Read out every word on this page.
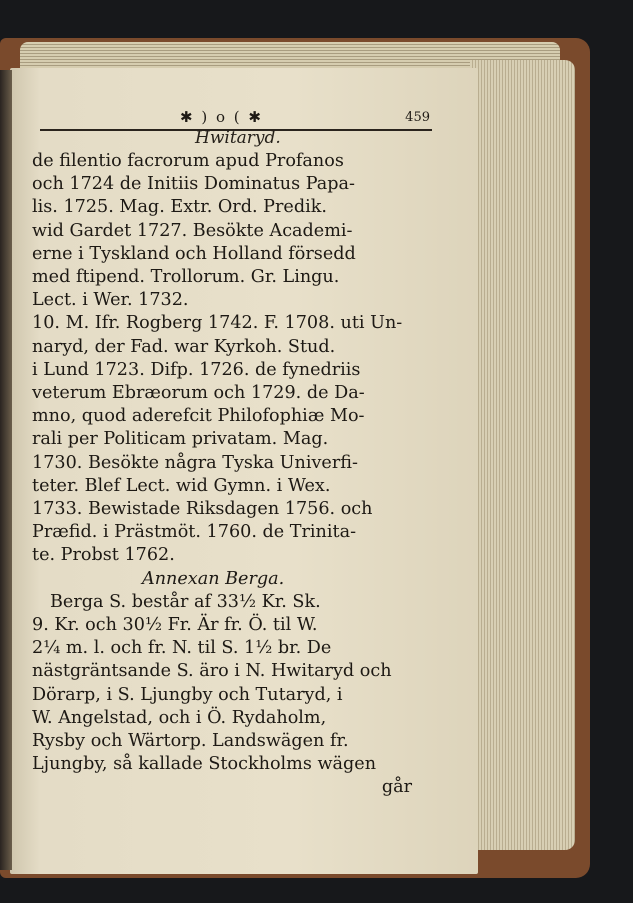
✱ ) o ( ✱	459
Hwitaryd.
de filentio facrorum apud Profanos
och 1724 de Initiis Dominatus Papa-
lis. 1725. Mag. Extr. Ord. Predik.
wid Gardet 1727. Besökte Academi-
erne i Tyskland och Holland försedd
med ftipend. Trollorum. Gr. Lingu.
Lect. i Wer. 1732.
10. M. Ifr. Rogberg 1742. F. 1708. uti Un-
naryd, der Fad. war Kyrkoh. Stud.
i Lund 1723. Difp. 1726. de fynedriis
veterum Ebræorum och 1729. de Da-
mno, quod aderefcit Philofophiæ Mo-
rali per Politicam privatam. Mag.
1730. Besökte några Tyska Univerfi-
teter. Blef Lect. wid Gymn. i Wex.
1733. Bewistade Riksdagen 1756. och
Præfid. i Prästmöt. 1760. de Trinita-
te. Probst 1762.
Annexan Berga.
Berga S. består af 33½ Kr. Sk.
9. Kr. och 30½ Fr. Är fr. Ö. til W.
2¼ m. l. och fr. N. til S. 1½ br. De
nästgräntsande S. äro i N. Hwitaryd och
Dörarp, i S. Ljungby och Tutaryd, i
W. Angelstad, och i Ö. Rydaholm,
Rysby och Wärtorp. Landswägen fr.
Ljungby, så kallade Stockholms wägen
går
